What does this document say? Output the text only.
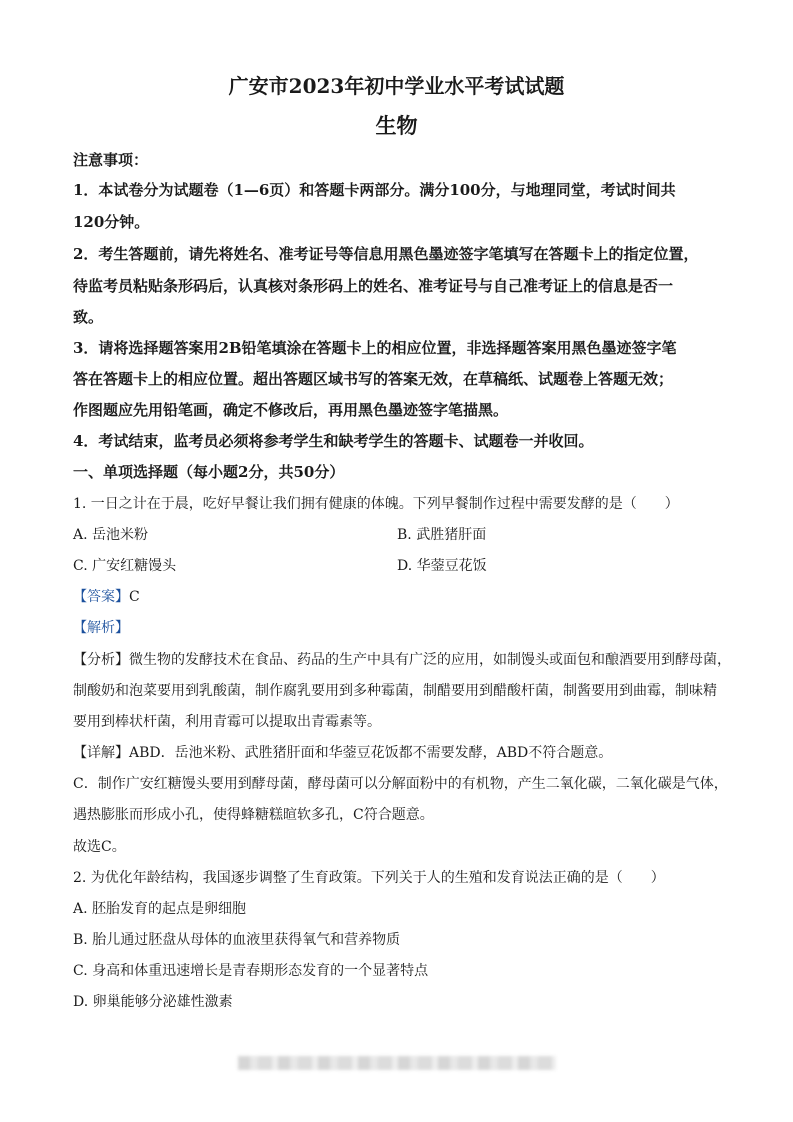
广安市2023年初中学业水平考试试题
生物
注意事项：
1．本试卷分为试题卷（1—6页）和答题卡两部分。满分100分，与地理同堂，考试时间共
120分钟。
2．考生答题前，请先将姓名、准考证号等信息用黑色墨迹签字笔填写在答题卡上的指定位置，
待监考员粘贴条形码后，认真核对条形码上的姓名、准考证号与自己准考证上的信息是否一
致。
3．请将选择题答案用2B铅笔填涂在答题卡上的相应位置，非选择题答案用黑色墨迹签字笔
答在答题卡上的相应位置。超出答题区域书写的答案无效，在草稿纸、试题卷上答题无效；
作图题应先用铅笔画，确定不修改后，再用黑色墨迹签字笔描黑。
4．考试结束，监考员必须将参考学生和缺考学生的答题卡、试题卷一并收回。
一、单项选择题（每小题2分，共50分）
1. 一日之计在于晨，吃好早餐让我们拥有健康的体魄。下列早餐制作过程中需要发酵的是（　　）
A. 岳池米粉	B. 武胜猪肝面
C. 广安红糖馒头	D. 华蓥豆花饭
【答案】C
【解析】
【分析】微生物的发酵技术在食品、药品的生产中具有广泛的应用，如制馒头或面包和酿酒要用到酵母菌，
制酸奶和泡菜要用到乳酸菌，制作腐乳要用到多种霉菌，制醋要用到醋酸杆菌，制酱要用到曲霉，制味精
要用到棒状杆菌，利用青霉可以提取出青霉素等。
【详解】ABD．岳池米粉、武胜猪肝面和华蓥豆花饭都不需要发酵，ABD不符合题意。
C．制作广安红糖馒头要用到酵母菌，酵母菌可以分解面粉中的有机物，产生二氧化碳，二氧化碳是气体，
遇热膨胀而形成小孔，使得蜂糖糕暄软多孔，C符合题意。
故选C。
2. 为优化年龄结构，我国逐步调整了生育政策。下列关于人的生殖和发育说法正确的是（　　）
A. 胚胎发育的起点是卵细胞
B. 胎儿通过胚盘从母体的血液里获得氧气和营养物质
C. 身高和体重迅速增长是青春期形态发育的一个显著特点
D. 卵巢能够分泌雄性激素
